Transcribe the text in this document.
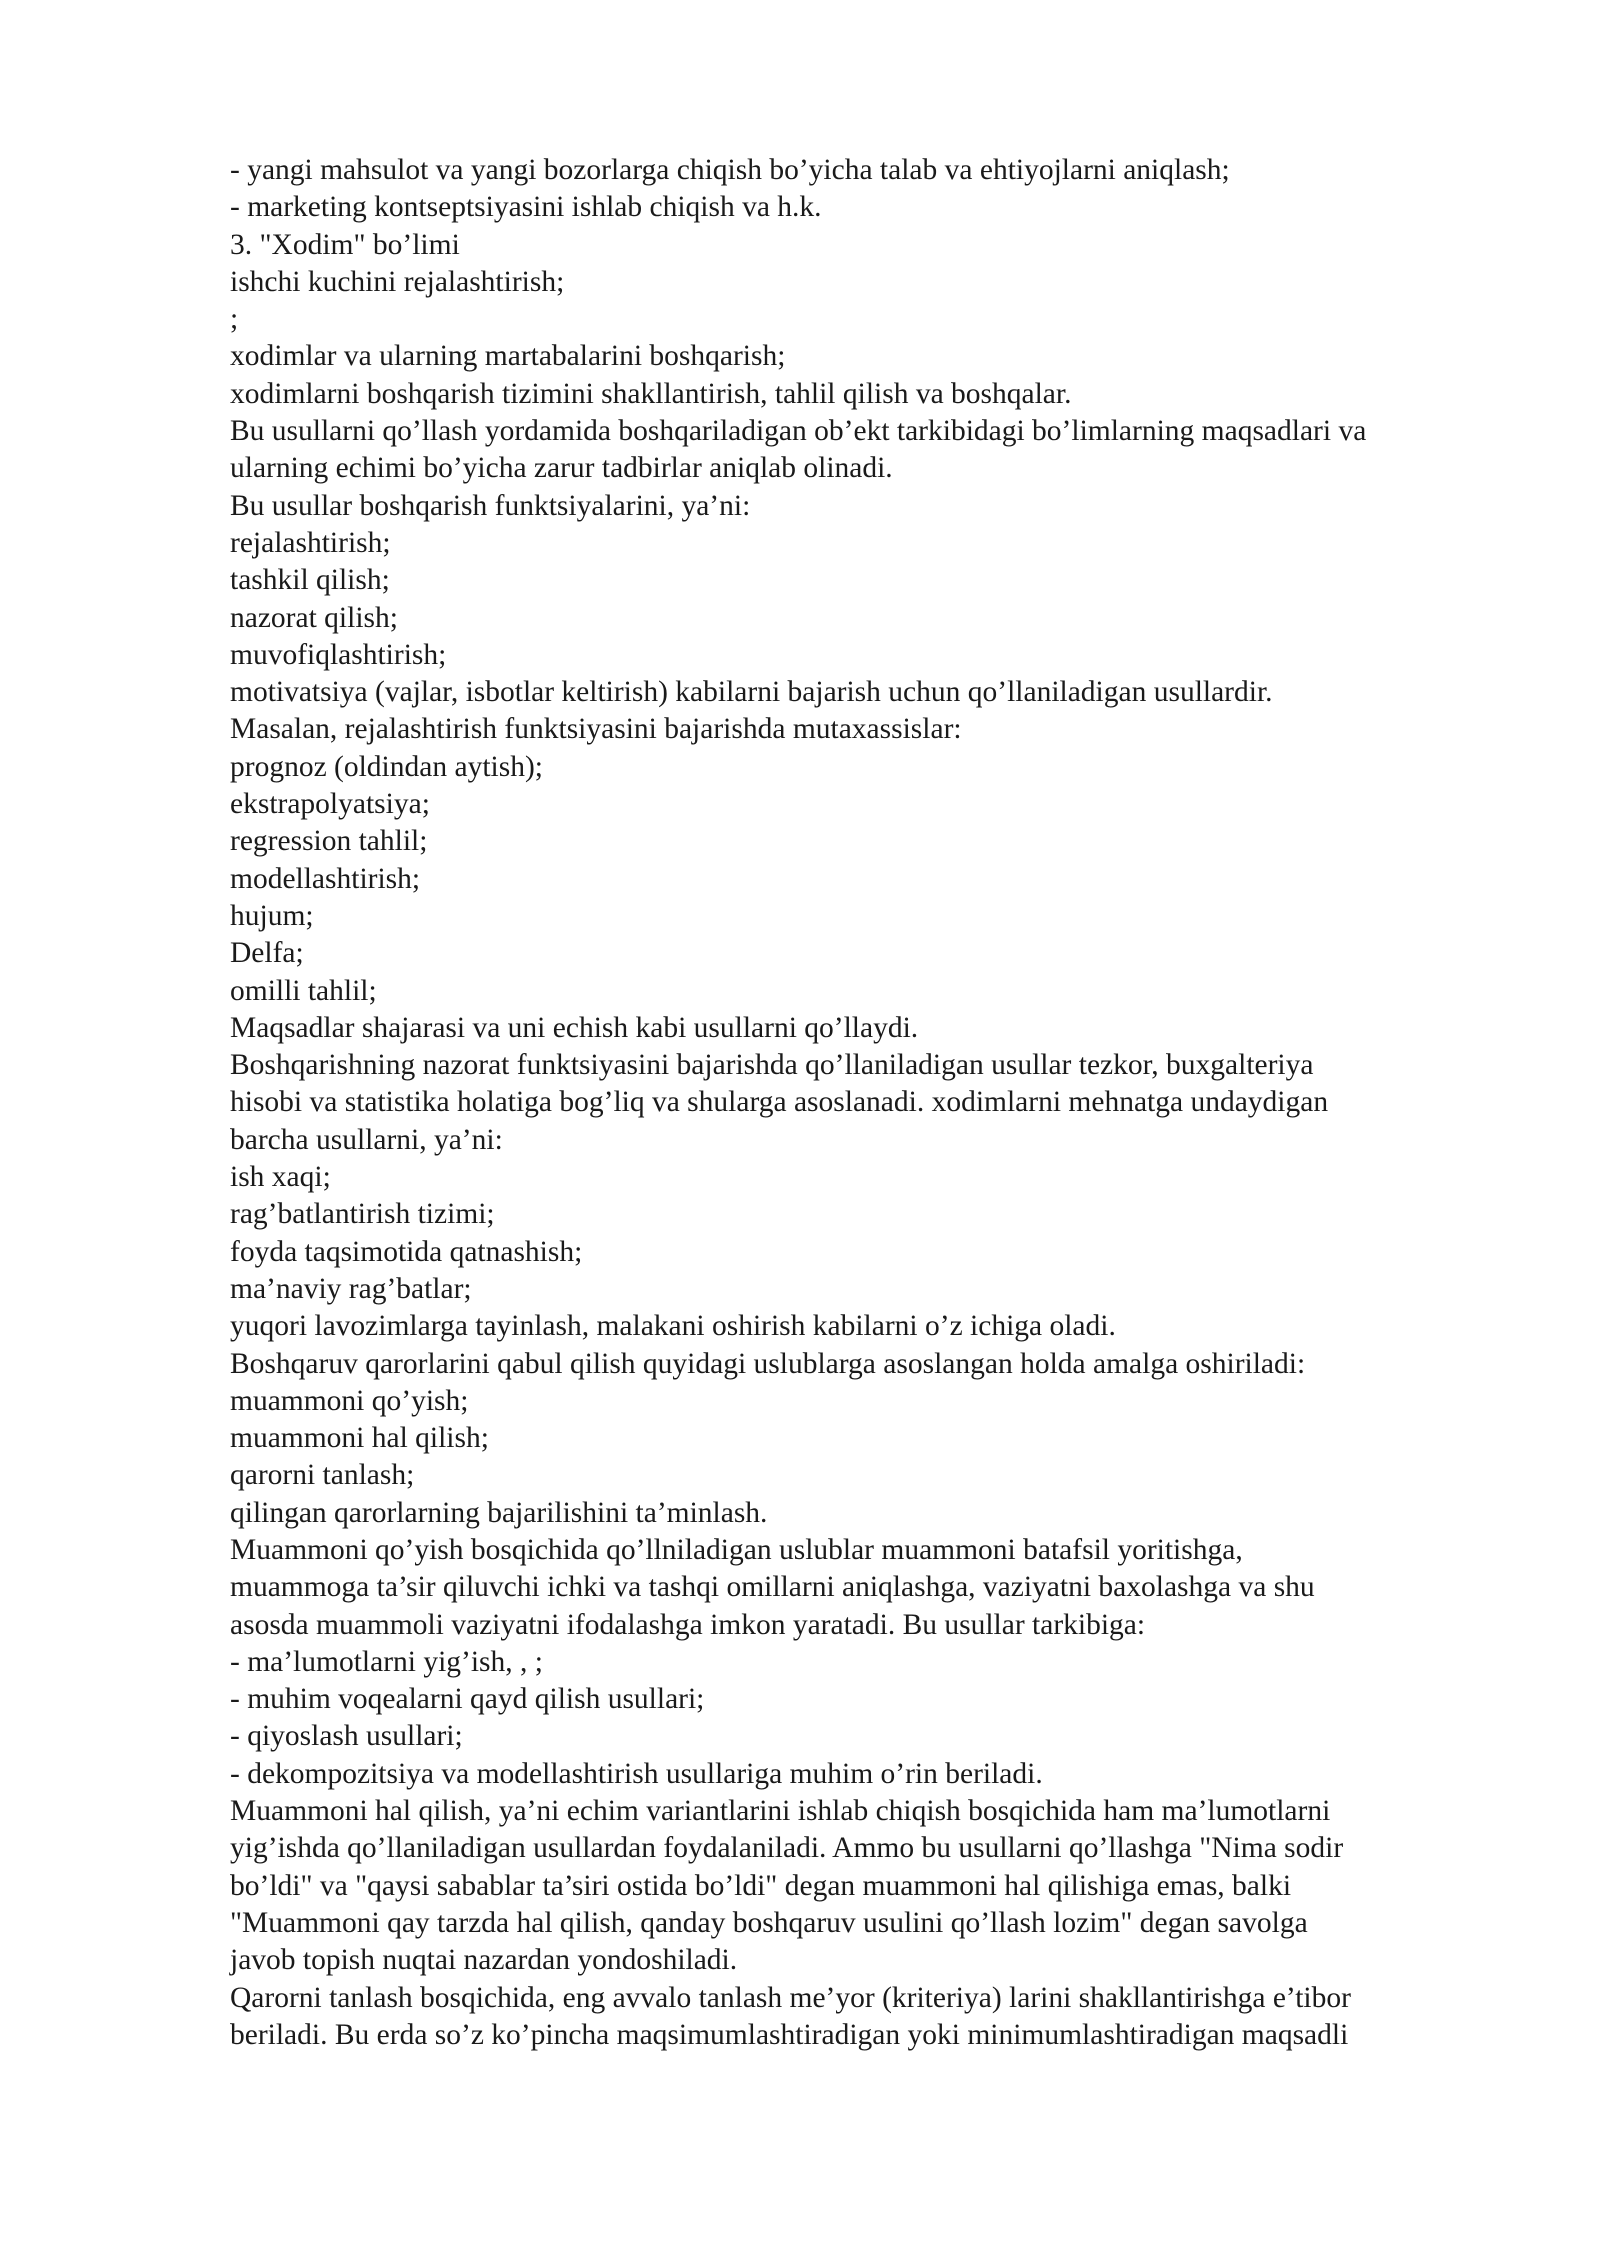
- yangi mahsulot va yangi bozorlarga chiqish bo’yicha talab va ehtiyojlarni aniqlash;
- marketing kontseptsiyasini ishlab chiqish va h.k.
3. "Xodim" bo’limi
ishchi kuchini rejalashtirish;
;
xodimlar va ularning martabalarini boshqarish;
xodimlarni boshqarish tizimini shakllantirish, tahlil qilish va boshqalar.
Bu usullarni qo’llash yordamida boshqariladigan ob’ekt tarkibidagi bo’limlarning maqsadlari va
ularning echimi bo’yicha zarur tadbirlar aniqlab olinadi.
Bu usullar boshqarish funktsiyalarini, ya’ni:
rejalashtirish;
tashkil qilish;
nazorat qilish;
muvofiqlashtirish;
motivatsiya (vajlar, isbotlar keltirish) kabilarni bajarish uchun qo’llaniladigan usullardir.
Masalan, rejalashtirish funktsiyasini bajarishda mutaxassislar:
prognoz (oldindan aytish);
ekstrapolyatsiya;
regression tahlil;
modellashtirish;
hujum;
Delfa;
omilli tahlil;
Maqsadlar shajarasi va uni echish kabi usullarni qo’llaydi.
Boshqarishning nazorat funktsiyasini bajarishda qo’llaniladigan usullar tezkor, buxgalteriya
hisobi va statistika holatiga bog’liq va shularga asoslanadi. xodimlarni mehnatga undaydigan
barcha usullarni, ya’ni:
ish xaqi;
rag’batlantirish tizimi;
foyda taqsimotida qatnashish;
ma’naviy rag’batlar;
yuqori lavozimlarga tayinlash, malakani oshirish kabilarni o’z ichiga oladi.
Boshqaruv qarorlarini qabul qilish quyidagi uslublarga asoslangan holda amalga oshiriladi:
muammoni qo’yish;
muammoni hal qilish;
qarorni tanlash;
qilingan qarorlarning bajarilishini ta’minlash.
Muammoni qo’yish bosqichida qo’llniladigan uslublar muammoni batafsil yoritishga,
muammoga ta’sir qiluvchi ichki va tashqi omillarni aniqlashga, vaziyatni baxolashga va shu
asosda muammoli vaziyatni ifodalashga imkon yaratadi. Bu usullar tarkibiga:
- ma’lumotlarni yig’ish, , ;
- muhim voqealarni qayd qilish usullari;
- qiyoslash usullari;
- dekompozitsiya va modellashtirish usullariga muhim o’rin beriladi.
Muammoni hal qilish, ya’ni echim variantlarini ishlab chiqish bosqichida ham ma’lumotlarni
yig’ishda qo’llaniladigan usullardan foydalaniladi. Ammo bu usullarni qo’llashga "Nima sodir
bo’ldi" va "qaysi sabablar ta’siri ostida bo’ldi" degan muammoni hal qilishiga emas, balki
"Muammoni qay tarzda hal qilish, qanday boshqaruv usulini qo’llash lozim" degan savolga
javob topish nuqtai nazardan yondoshiladi.
Qarorni tanlash bosqichida, eng avvalo tanlash me’yor (kriteriya) larini shakllantirishga e’tibor
beriladi. Bu erda so’z ko’pincha maqsimumlashtiradigan yoki minimumlashtiradigan maqsadli
